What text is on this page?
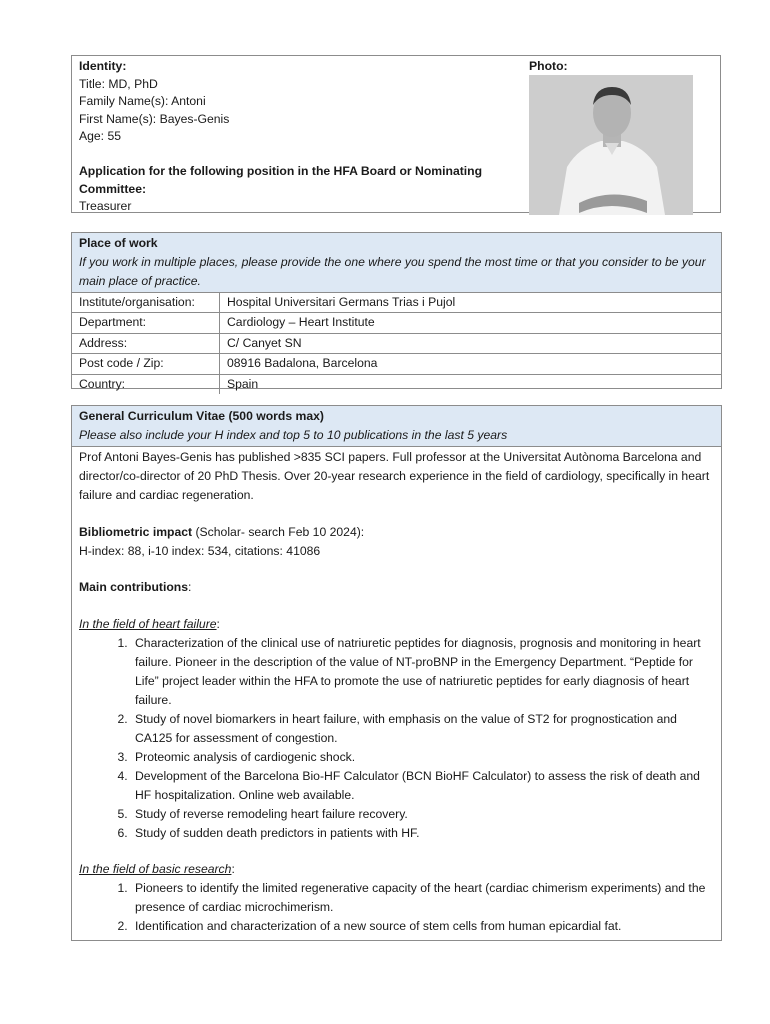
Identity:
Title: MD, PhD
Family Name(s): Antoni
First Name(s): Bayes-Genis
Age: 55
Application for the following position in the HFA Board or Nominating Committee:
Treasurer
Photo:
Place of work
If you work in multiple places, please provide the one where you spend the most time or that you consider to be your main place of practice.
Institute/organisation:	Hospital Universitari Germans Trias i Pujol
Department:	Cardiology – Heart Institute
Address:	C/ Canyet SN
Post code / Zip:	08916 Badalona, Barcelona
Country:	Spain
General Curriculum Vitae (500 words max)
Please also include your H index and top 5 to 10 publications in the last 5 years
Prof Antoni Bayes-Genis has published >835 SCI papers. Full professor at the Universitat Autònoma Barcelona and director/co-director of 20 PhD Thesis. Over 20-year research experience in the field of cardiology, specifically in heart failure and cardiac regeneration.
Bibliometric impact (Scholar- search Feb 10 2024):
H-index: 88, i-10 index: 534, citations: 41086
Main contributions:
In the field of heart failure:
1. Characterization of the clinical use of natriuretic peptides for diagnosis, prognosis and monitoring in heart failure. Pioneer in the description of the value of NT-proBNP in the Emergency Department. “Peptide for Life” project leader within the HFA to promote the use of natriuretic peptides for early diagnosis of heart failure.
2. Study of novel biomarkers in heart failure, with emphasis on the value of ST2 for prognostication and CA125 for assessment of congestion.
3. Proteomic analysis of cardiogenic shock.
4. Development of the Barcelona Bio-HF Calculator (BCN BioHF Calculator) to assess the risk of death and HF hospitalization. Online web available.
5. Study of reverse remodeling heart failure recovery.
6. Study of sudden death predictors in patients with HF.
In the field of basic research:
1. Pioneers to identify the limited regenerative capacity of the heart (cardiac chimerism experiments) and the presence of cardiac microchimerism.
2. Identification and characterization of a new source of stem cells from human epicardial fat.
